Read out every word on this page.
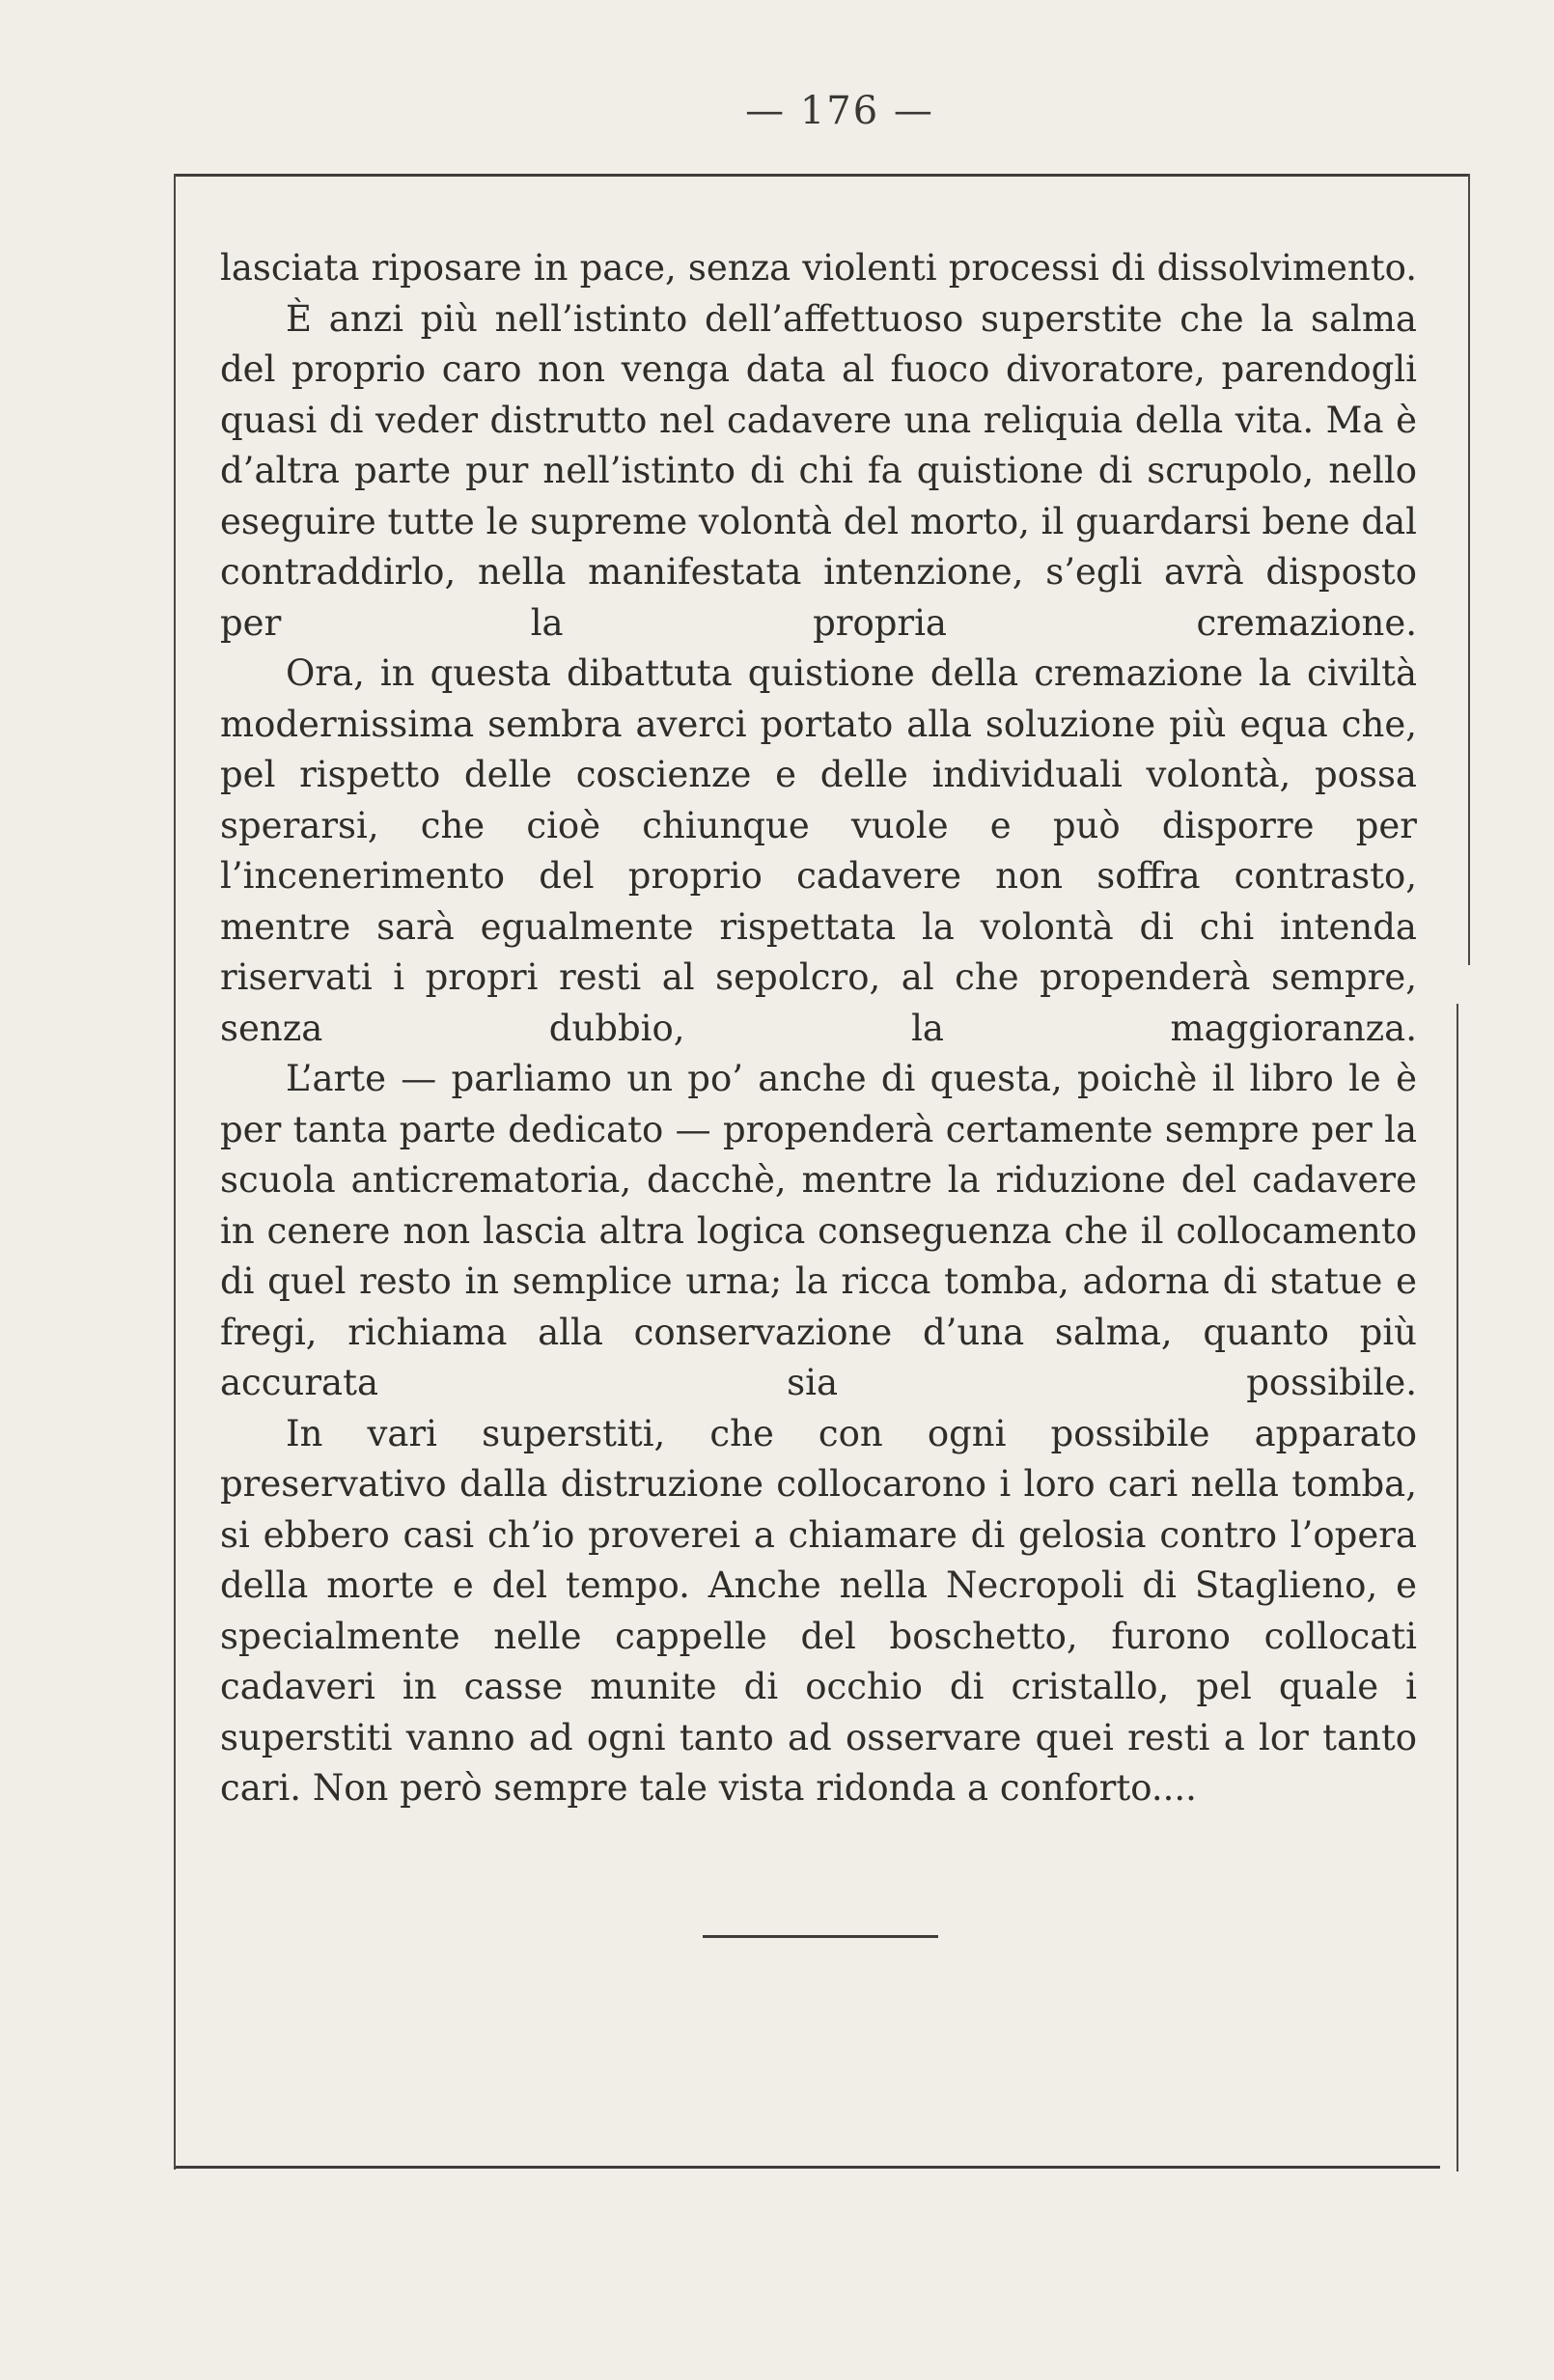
— 176 —

lasciata riposare in pace, senza violenti processi di dissolvimento.

È anzi più nell’istinto dell’affettuoso superstite che la salma del proprio caro non venga data al fuoco divoratore, parendogli quasi di veder distrutto nel cadavere una reliquia della vita. Ma è d’altra parte pur nell’istinto di chi fa quistione di scrupolo, nello eseguire tutte le supreme volontà del morto, il guardarsi bene dal contraddirlo, nella manifestata intenzione, s’egli avrà disposto per la propria cremazione.

Ora, in questa dibattuta quistione della cremazione la civiltà modernissima sembra averci portato alla soluzione più equa che, pel rispetto delle coscienze e delle individuali volontà, possa sperarsi, che cioè chiunque vuole e può disporre per l’incenerimento del proprio cadavere non soffra contrasto, mentre sarà egualmente rispettata la volontà di chi intenda riservati i propri resti al sepolcro, al che propenderà sempre, senza dubbio, la maggioranza.

L’arte — parliamo un po’ anche di questa, poichè il libro le è per tanta parte dedicato — propenderà certamente sempre per la scuola anticrematoria, dacchè, mentre la riduzione del cadavere in cenere non lascia altra logica conseguenza che il collocamento di quel resto in semplice urna; la ricca tomba, adorna di statue e fregi, richiama alla conservazione d’una salma, quanto più accurata sia possibile.

In vari superstiti, che con ogni possibile apparato preservativo dalla distruzione collocarono i loro cari nella tomba, si ebbero casi ch’io proverei a chiamare di gelosia contro l’opera della morte e del tempo. Anche nella Necropoli di Staglieno, e specialmente nelle cappelle del boschetto, furono collocati cadaveri in casse munite di occhio di cristallo, pel quale i superstiti vanno ad ogni tanto ad osservare quei resti a lor tanto cari. Non però sempre tale vista ridonda a conforto....
